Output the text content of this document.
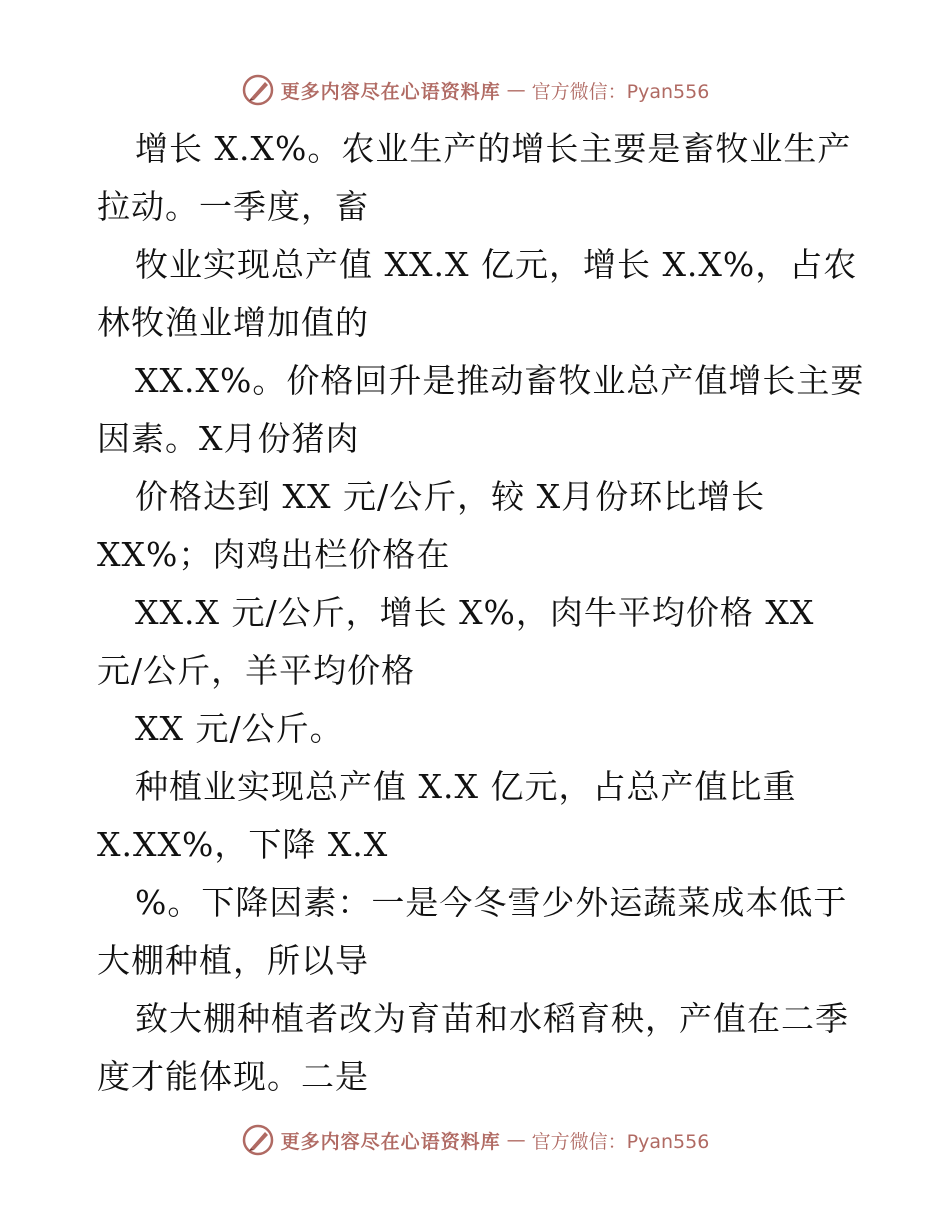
更多内容尽在心语资料库 — 官方微信：Pyan556
增长 X.X%。农业生产的增长主要是畜牧业生产
拉动。一季度，畜
牧业实现总产值 XX.X 亿元，增长 X.X%，占农
林牧渔业增加值的
XX.X%。价格回升是推动畜牧业总产值增长主要
因素。X月份猪肉
价格达到 XX 元/公斤，较 X月份环比增长
XX%；肉鸡出栏价格在
XX.X 元/公斤，增长 X%，肉牛平均价格 XX
元/公斤，羊平均价格
XX 元/公斤。
种植业实现总产值 X.X 亿元，占总产值比重
X.XX%，下降 X.X
%。下降因素：一是今冬雪少外运蔬菜成本低于
大棚种植，所以导
致大棚种植者改为育苗和水稻育秧，产值在二季
度才能体现。二是
更多内容尽在心语资料库 — 官方微信：Pyan556
